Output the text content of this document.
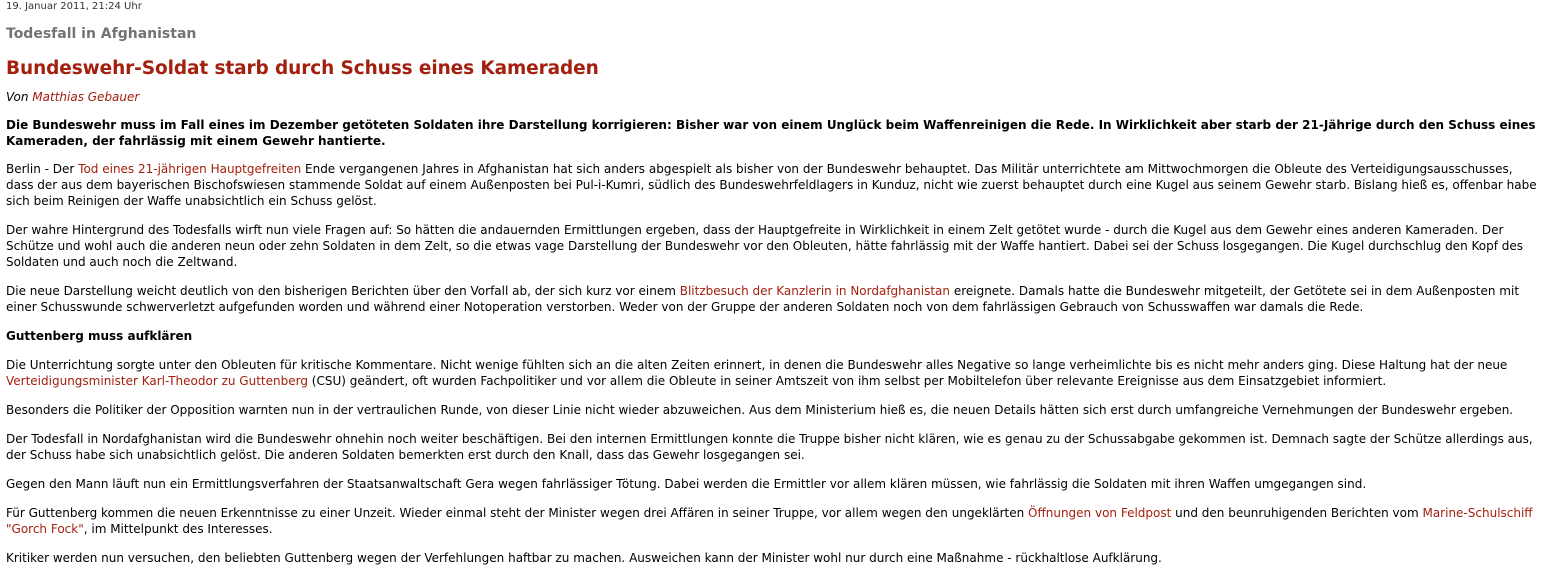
19. Januar 2011, 21:24 Uhr
Todesfall in Afghanistan
Bundeswehr-Soldat starb durch Schuss eines Kameraden
Von Matthias Gebauer

Die Bundeswehr muss im Fall eines im Dezember getöteten Soldaten ihre Darstellung korrigieren: Bisher war von einem Unglück beim Waffenreinigen die Rede. In Wirklichkeit aber starb der 21-Jährige durch den Schuss eines Kameraden, der fahrlässig mit einem Gewehr hantierte.

Berlin - Der Tod eines 21-jährigen Hauptgefreiten Ende vergangenen Jahres in Afghanistan hat sich anders abgespielt als bisher von der Bundeswehr behauptet. Das Militär unterrichtete am Mittwochmorgen die Obleute des Verteidigungsausschusses, dass der aus dem bayerischen Bischofswiesen stammende Soldat auf einem Außenposten bei Pul-i-Kumri, südlich des Bundeswehrfeldlagers in Kunduz, nicht wie zuerst behauptet durch eine Kugel aus seinem Gewehr starb. Bislang hieß es, offenbar habe sich beim Reinigen der Waffe unabsichtlich ein Schuss gelöst.

Der wahre Hintergrund des Todesfalls wirft nun viele Fragen auf: So hätten die andauernden Ermittlungen ergeben, dass der Hauptgefreite in Wirklichkeit in einem Zelt getötet wurde - durch die Kugel aus dem Gewehr eines anderen Kameraden. Der Schütze und wohl auch die anderen neun oder zehn Soldaten in dem Zelt, so die etwas vage Darstellung der Bundeswehr vor den Obleuten, hätte fahrlässig mit der Waffe hantiert. Dabei sei der Schuss losgegangen. Die Kugel durchschlug den Kopf des Soldaten und auch noch die Zeltwand.

Die neue Darstellung weicht deutlich von den bisherigen Berichten über den Vorfall ab, der sich kurz vor einem Blitzbesuch der Kanzlerin in Nordafghanistan ereignete. Damals hatte die Bundeswehr mitgeteilt, der Getötete sei in dem Außenposten mit einer Schusswunde schwerverletzt aufgefunden worden und während einer Notoperation verstorben. Weder von der Gruppe der anderen Soldaten noch von dem fahrlässigen Gebrauch von Schusswaffen war damals die Rede.

Guttenberg muss aufklären

Die Unterrichtung sorgte unter den Obleuten für kritische Kommentare. Nicht wenige fühlten sich an die alten Zeiten erinnert, in denen die Bundeswehr alles Negative so lange verheimlichte bis es nicht mehr anders ging. Diese Haltung hat der neue Verteidigungsminister Karl-Theodor zu Guttenberg (CSU) geändert, oft wurden Fachpolitiker und vor allem die Obleute in seiner Amtszeit von ihm selbst per Mobiltelefon über relevante Ereignisse aus dem Einsatzgebiet informiert.

Besonders die Politiker der Opposition warnten nun in der vertraulichen Runde, von dieser Linie nicht wieder abzuweichen. Aus dem Ministerium hieß es, die neuen Details hätten sich erst durch umfangreiche Vernehmungen der Bundeswehr ergeben.

Der Todesfall in Nordafghanistan wird die Bundeswehr ohnehin noch weiter beschäftigen. Bei den internen Ermittlungen konnte die Truppe bisher nicht klären, wie es genau zu der Schussabgabe gekommen ist. Demnach sagte der Schütze allerdings aus, der Schuss habe sich unabsichtlich gelöst. Die anderen Soldaten bemerkten erst durch den Knall, dass das Gewehr losgegangen sei.

Gegen den Mann läuft nun ein Ermittlungsverfahren der Staatsanwaltschaft Gera wegen fahrlässiger Tötung. Dabei werden die Ermittler vor allem klären müssen, wie fahrlässig die Soldaten mit ihren Waffen umgegangen sind.

Für Guttenberg kommen die neuen Erkenntnisse zu einer Unzeit. Wieder einmal steht der Minister wegen drei Affären in seiner Truppe, vor allem wegen den ungeklärten Öffnungen von Feldpost und den beunruhigenden Berichten vom Marine-Schulschiff "Gorch Fock", im Mittelpunkt des Interesses.

Kritiker werden nun versuchen, den beliebten Guttenberg wegen der Verfehlungen haftbar zu machen. Ausweichen kann der Minister wohl nur durch eine Maßnahme - rückhaltlose Aufklärung.
